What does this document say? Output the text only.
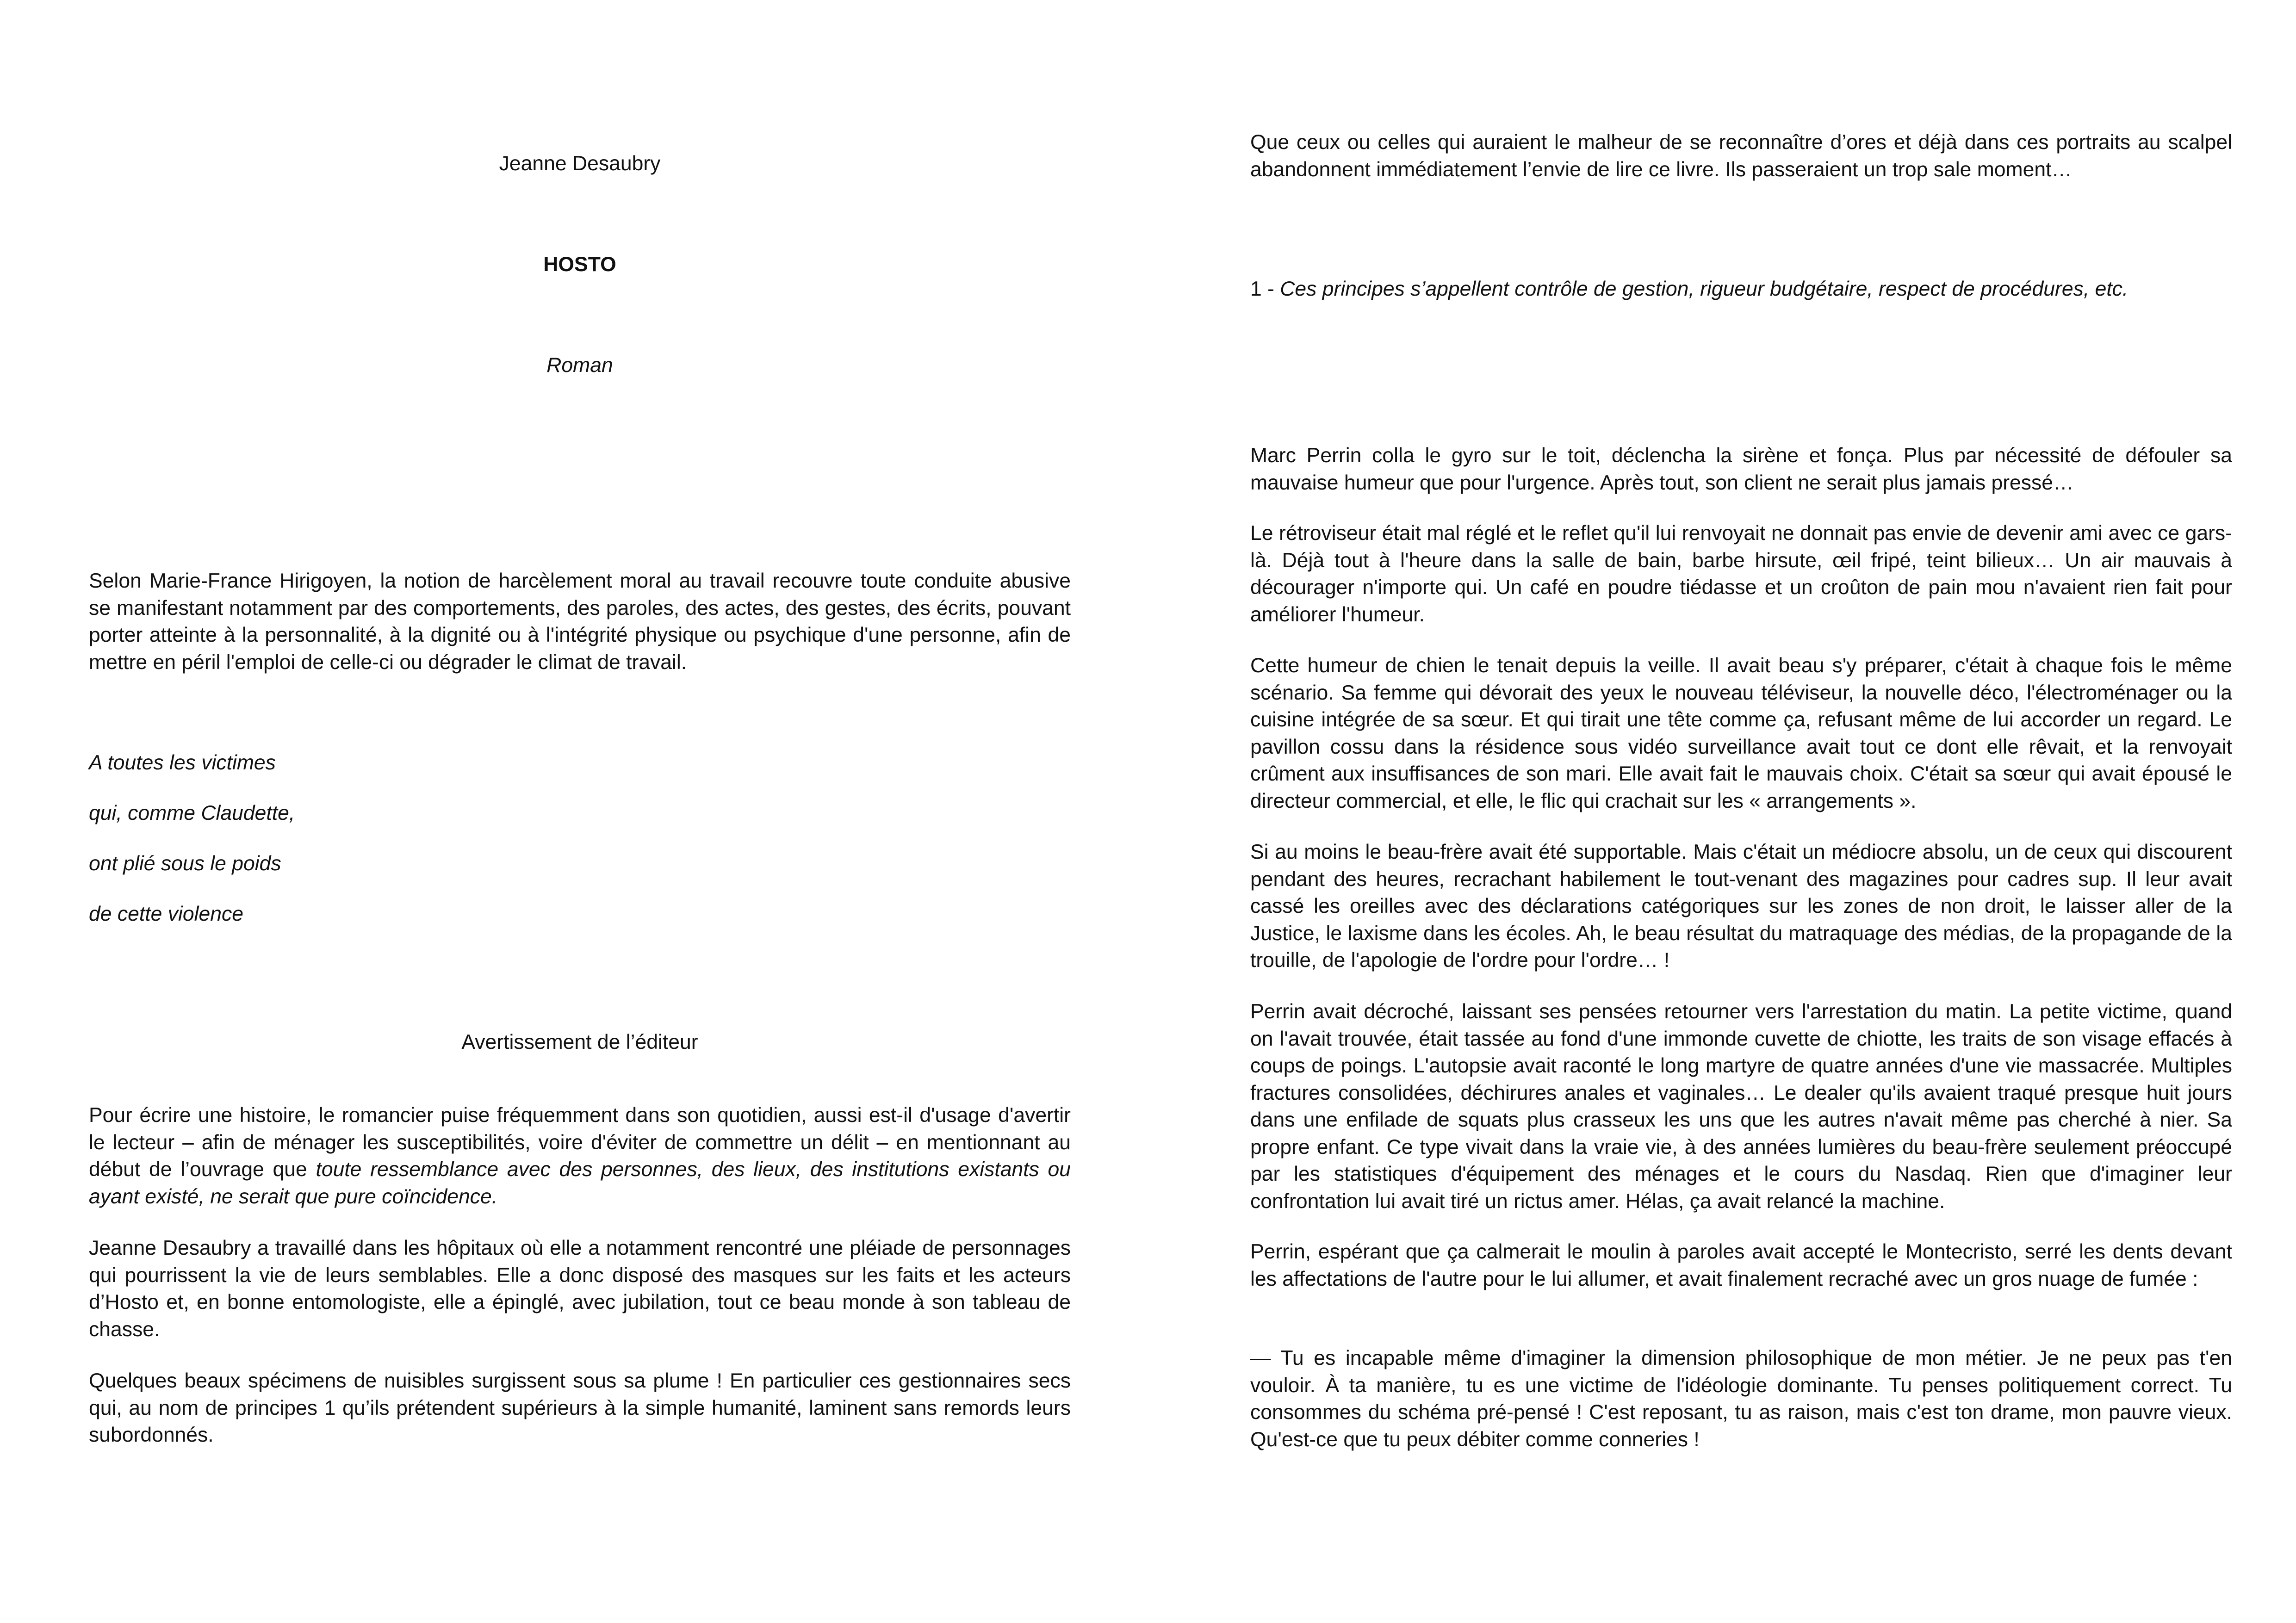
Jeanne Desaubry

HOSTO

Roman

Selon Marie-France Hirigoyen, la notion de harcèlement moral au travail recouvre toute conduite abusive se manifestant notamment par des comportements, des paroles, des actes, des gestes, des écrits, pouvant porter atteinte à la personnalité, à la dignité ou à l'intégrité physique ou psychique d'une personne, afin de mettre en péril l'emploi de celle-ci ou dégrader le climat de travail.

A toutes les victimes

qui, comme Claudette,

ont plié sous le poids

de cette violence

Avertissement de l’éditeur

Pour écrire une histoire, le romancier puise fréquemment dans son quotidien, aussi est-il d'usage d'avertir le lecteur – afin de ménager les susceptibilités, voire d'éviter de commettre un délit – en mentionnant au début de l’ouvrage que toute ressemblance avec des personnes, des lieux, des institutions existants ou ayant existé, ne serait que pure coïncidence.

Jeanne Desaubry a travaillé dans les hôpitaux où elle a notamment rencontré une pléiade de personnages qui pourrissent la vie de leurs semblables. Elle a donc disposé des masques sur les faits et les acteurs d’Hosto et, en bonne entomologiste, elle a épinglé, avec jubilation, tout ce beau monde à son tableau de chasse.

Quelques beaux spécimens de nuisibles surgissent sous sa plume ! En particulier ces gestionnaires secs qui, au nom de principes 1 qu’ils prétendent supérieurs à la simple humanité, laminent sans remords leurs subordonnés.

Que ceux ou celles qui auraient le malheur de se reconnaître d’ores et déjà dans ces portraits au scalpel abandonnent immédiatement l’envie de lire ce livre. Ils passeraient un trop sale moment…

1 - Ces principes s’appellent contrôle de gestion, rigueur budgétaire, respect de procédures, etc.

Marc Perrin colla le gyro sur le toit, déclencha la sirène et fonça. Plus par nécessité de défouler sa mauvaise humeur que pour l'urgence. Après tout, son client ne serait plus jamais pressé…

Le rétroviseur était mal réglé et le reflet qu'il lui renvoyait ne donnait pas envie de devenir ami avec ce gars-là. Déjà tout à l'heure dans la salle de bain, barbe hirsute, œil fripé, teint bilieux… Un air mauvais à décourager n'importe qui. Un café en poudre tiédasse et un croûton de pain mou n'avaient rien fait pour améliorer l'humeur.

Cette humeur de chien le tenait depuis la veille. Il avait beau s'y préparer, c'était à chaque fois le même scénario. Sa femme qui dévorait des yeux le nouveau téléviseur, la nouvelle déco, l'électroménager ou la cuisine intégrée de sa sœur. Et qui tirait une tête comme ça, refusant même de lui accorder un regard. Le pavillon cossu dans la résidence sous vidéo surveillance avait tout ce dont elle rêvait, et la renvoyait crûment aux insuffisances de son mari. Elle avait fait le mauvais choix. C'était sa sœur qui avait épousé le directeur commercial, et elle, le flic qui crachait sur les « arrangements ».

Si au moins le beau-frère avait été supportable. Mais c'était un médiocre absolu, un de ceux qui discourent pendant des heures, recrachant habilement le tout-venant des magazines pour cadres sup. Il leur avait cassé les oreilles avec des déclarations catégoriques sur les zones de non droit, le laisser aller de la Justice, le laxisme dans les écoles. Ah, le beau résultat du matraquage des médias, de la propagande de la trouille, de l'apologie de l'ordre pour l'ordre… !

Perrin avait décroché, laissant ses pensées retourner vers l'arrestation du matin. La petite victime, quand on l'avait trouvée, était tassée au fond d'une immonde cuvette de chiotte, les traits de son visage effacés à coups de poings. L'autopsie avait raconté le long martyre de quatre années d'une vie massacrée. Multiples fractures consolidées, déchirures anales et vaginales… Le dealer qu'ils avaient traqué presque huit jours dans une enfilade de squats plus crasseux les uns que les autres n'avait même pas cherché à nier. Sa propre enfant. Ce type vivait dans la vraie vie, à des années lumières du beau-frère seulement préoccupé par les statistiques d'équipement des ménages et le cours du Nasdaq. Rien que d'imaginer leur confrontation lui avait tiré un rictus amer. Hélas, ça avait relancé la machine.

Perrin, espérant que ça calmerait le moulin à paroles avait accepté le Montecristo, serré les dents devant les affectations de l'autre pour le lui allumer, et avait finalement recraché avec un gros nuage de fumée :

— Tu es incapable même d'imaginer la dimension philosophique de mon métier. Je ne peux pas t'en vouloir. À ta manière, tu es une victime de l'idéologie dominante. Tu penses politiquement correct. Tu consommes du schéma pré-pensé ! C'est reposant, tu as raison, mais c'est ton drame, mon pauvre vieux. Qu'est-ce que tu peux débiter comme conneries !
